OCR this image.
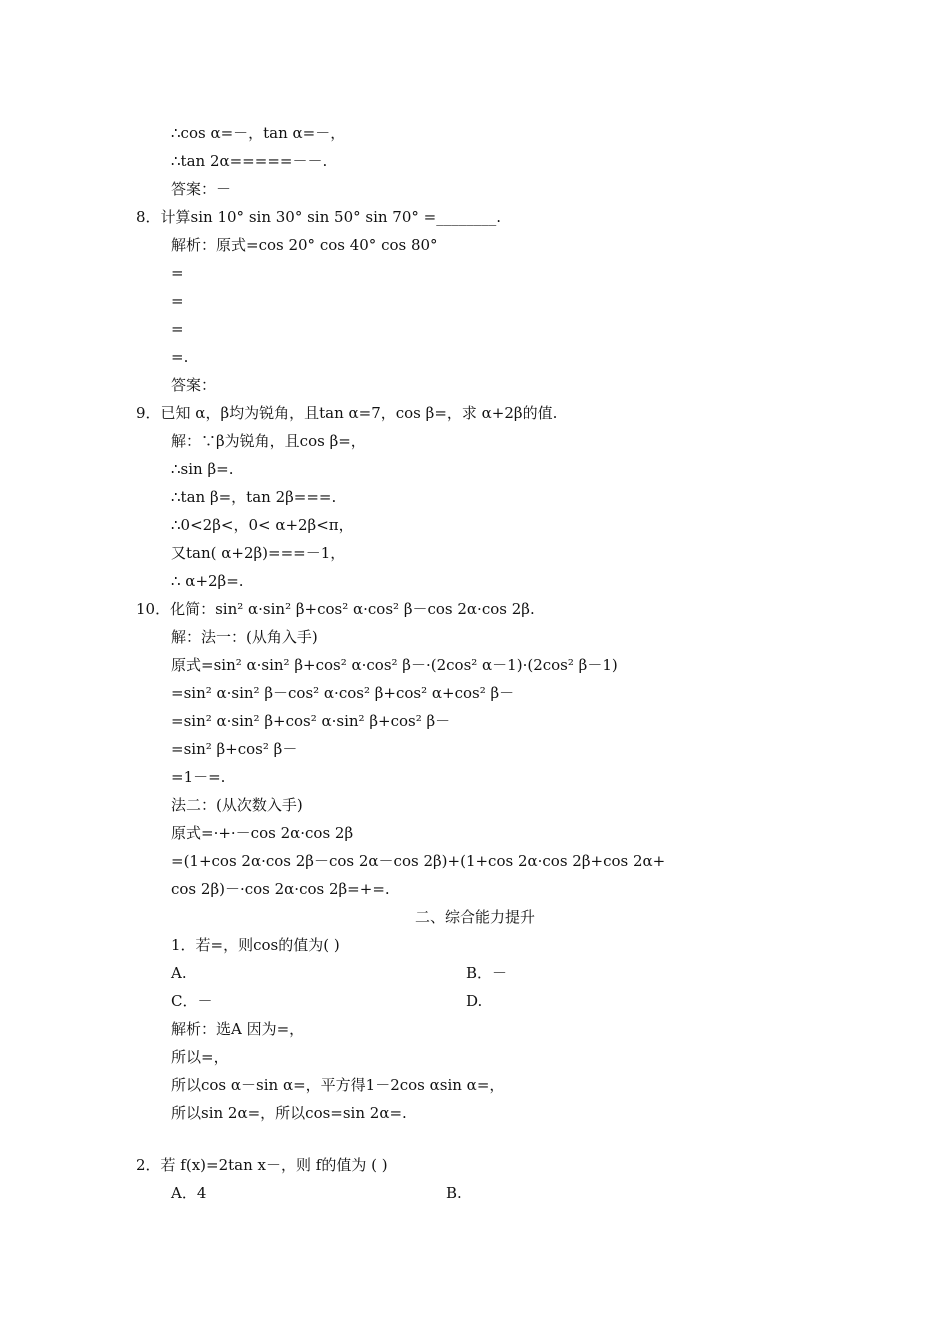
∴cos α=－，tan α=－，
∴tan 2α=====－－.
答案：－
8．计算sin 10° sin 30° sin 50° sin 70° =________.
解析：原式=cos 20° cos 40° cos 80°
=
=
=
=.
答案：
9．已知 α，β均为锐角，且tan α=7，cos β=，求 α+2β的值.
解：∵β为锐角，且cos β=，
∴sin β=.
∴tan β=，tan 2β===.
∴0<2β<，0< α+2β<π，
又tan( α+2β)===－1，
∴ α+2β=.
10．化简：sin² α·sin² β+cos² α·cos² β－cos 2α·cos 2β.
解：法一：(从角入手)
原式=sin² α·sin² β+cos² α·cos² β－·(2cos² α－1)·(2cos² β－1)
=sin² α·sin² β－cos² α·cos² β+cos² α+cos² β－
=sin² α·sin² β+cos² α·sin² β+cos² β－
=sin² β+cos² β－
=1－=.
法二：(从次数入手)
原式=·+·－cos 2α·cos 2β
=(1+cos 2α·cos 2β－cos 2α－cos 2β)+(1+cos 2α·cos 2β+cos 2α+
cos 2β)－·cos 2α·cos 2β=+=.
二、综合能力提升
1．若=，则cos的值为( )
A.	B．－
C．－	D.
解析：选A 因为=，
所以=，
所以cos α－sin α=，平方得1－2cos αsin α=，
所以sin 2α=，所以cos=sin 2α=.
2．若 f(x)=2tan x－，则 f的值为 ( )
A．4	B.
